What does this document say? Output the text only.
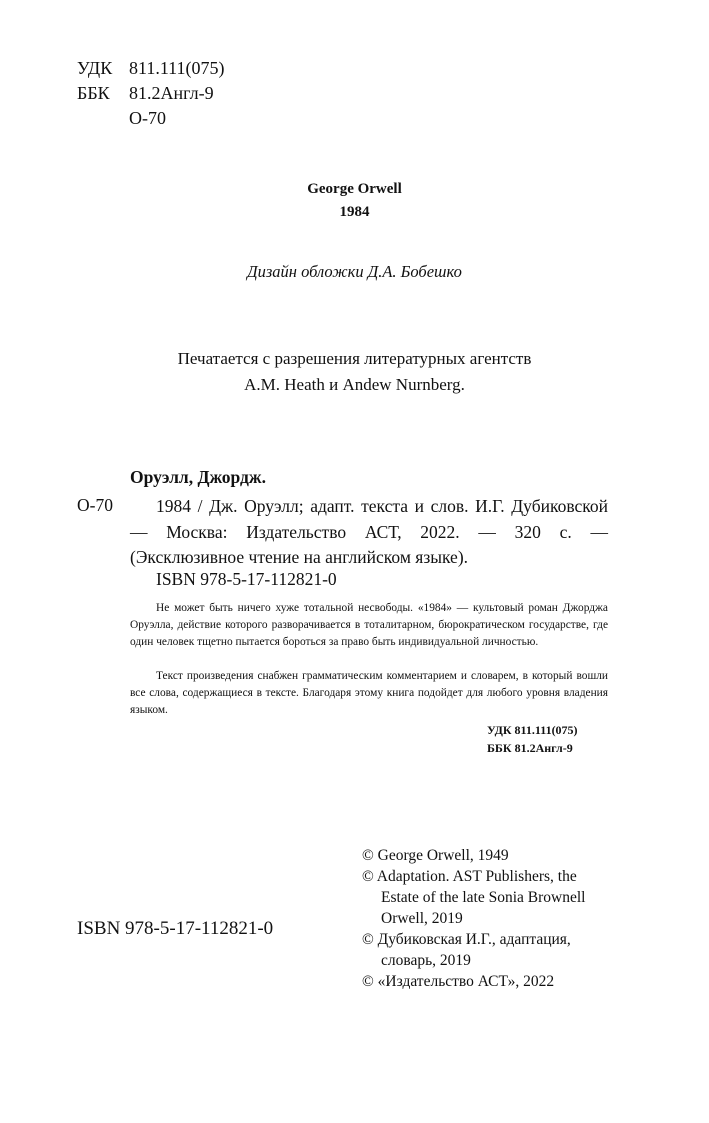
УДК 811.111(075)
ББК 81.2Англ-9
О-70
George Orwell
1984
Дизайн обложки Д.А. Бобешко
Печатается с разрешения литературных агентств
A.M. Heath и Andew Nurnberg.
Оруэлл, Джордж.
О-70	1984 / Дж. Оруэлл; адапт. текста и слов. И.Г. Дубиковской — Москва: Издательство АСТ, 2022. — 320 с. — (Эксклюзивное чтение на английском языке).
ISBN 978-5-17-112821-0
Не может быть ничего хуже тотальной несвободы. «1984» — культовый роман Джорджа Оруэлла, действие которого разворачивается в тоталитарном, бюрократическом государстве, где один человек тщетно пытается бороться за право быть индивидуальной личностью.
Текст произведения снабжен грамматическим комментарием и словарем, в который вошли все слова, содержащиеся в тексте. Благодаря этому книга подойдет для любого уровня владения языком.
УДК 811.111(075)
ББК 81.2Англ-9
ISBN 978-5-17-112821-0
© George Orwell, 1949
© Adaptation. AST Publishers, the
Estate of the late Sonia Brownell
Orwell, 2019
© Дубиковская И.Г., адаптация,
словарь, 2019
© «Издательство АСТ», 2022
